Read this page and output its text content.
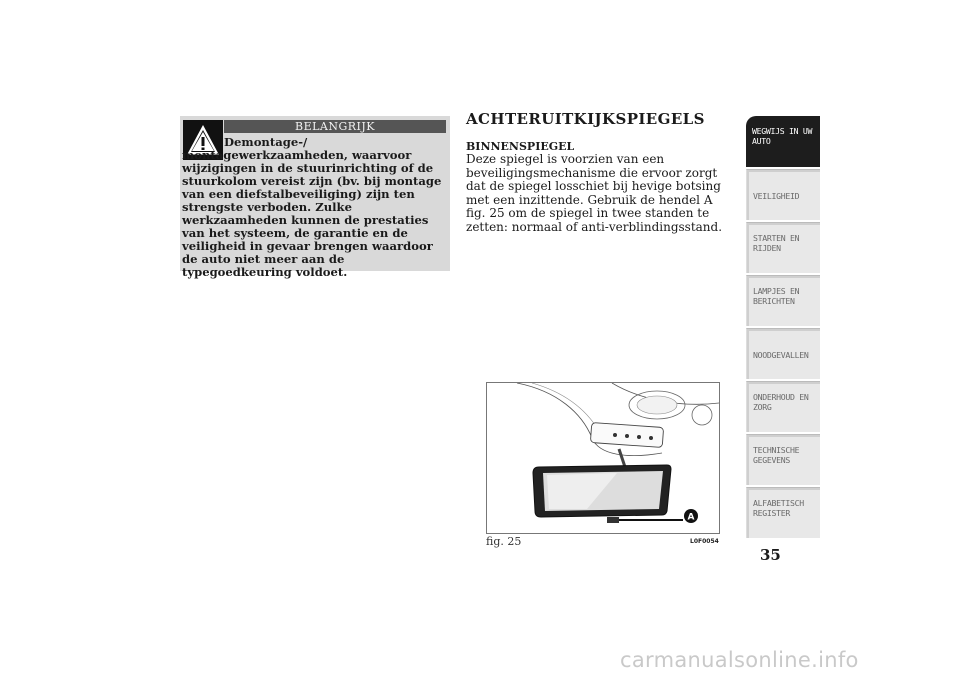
BELANGRIJK
Demontage-/ montagewerkzaamheden, waarvoor wijzigingen in de stuurinrichting of de stuurkolom vereist zijn (bv. bij montage van een diefstalbeveiliging) zijn ten strengste verboden. Zulke werkzaamheden kunnen de prestaties van het systeem, de garantie en de veiligheid in gevaar brengen waardoor de auto niet meer aan de typegoedkeuring voldoet.
ACHTERUITKIJKSPIEGELS
BINNENSPIEGEL
Deze spiegel is voorzien van een beveiligingsmechanisme die ervoor zorgt dat de spiegel losschiet bij hevige botsing met een inzittende. Gebruik de hendel A fig. 25 om de spiegel in twee standen te zetten: normaal of anti-verblindingsstand.
A
fig. 25	L0F0054
WEGWIJS IN UW AUTO
VEILIGHEID
STARTEN EN RIJDEN
LAMPJES EN BERICHTEN
NOODGEVALLEN
ONDERHOUD EN ZORG
TECHNISCHE GEGEVENS
ALFABETISCH REGISTER
35
carmanualsonline.info
